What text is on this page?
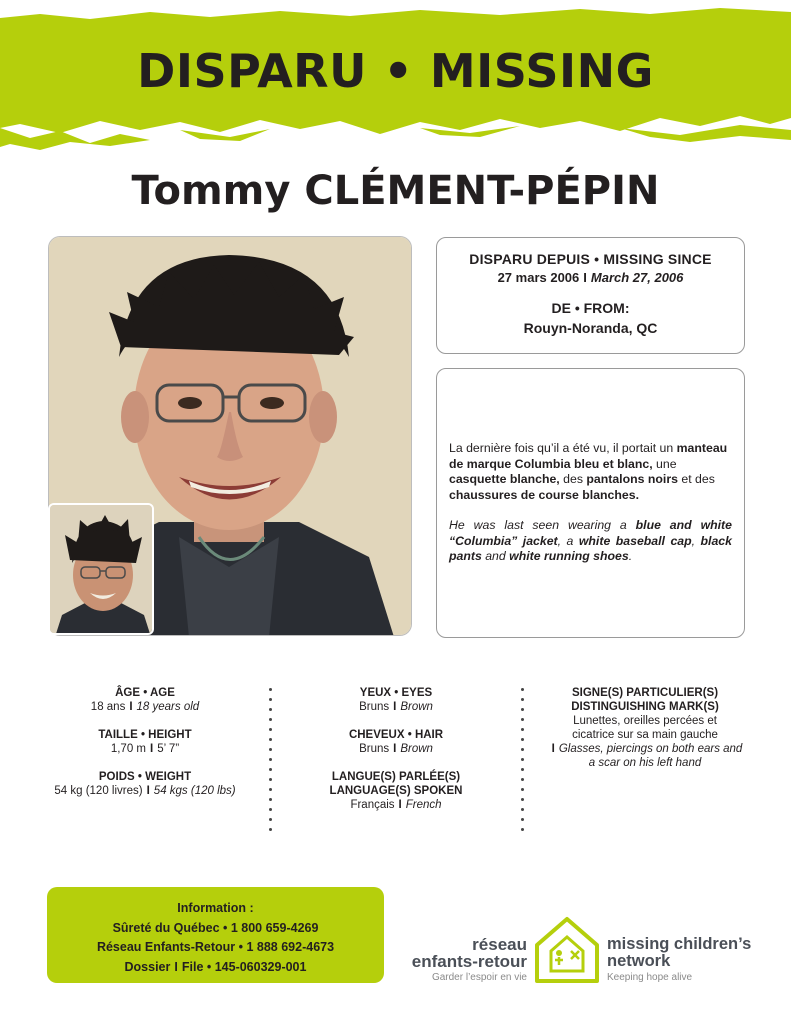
DISPARU • MISSING
Tommy CLÉMENT-PÉPIN
DISPARU DEPUIS • MISSING SINCE
27 mars 2006 I March 27, 2006
DE • FROM:
Rouyn-Noranda, QC

La dernière fois qu’il a été vu, il portait un manteau de marque Columbia bleu et blanc, une casquette blanche, des pantalons noirs et des chaussures de course blanches.

He was last seen wearing a blue and white “Columbia” jacket, a white baseball cap, black pants and white running shoes.

ÂGE • AGE
18 ans I 18 years old
TAILLE • HEIGHT
1,70 m I 5’ 7”
POIDS • WEIGHT
54 kg (120 livres) I 54 kgs (120 lbs)
YEUX • EYES
Bruns I Brown
CHEVEUX • HAIR
Bruns I Brown
LANGUE(S) PARLÉE(S)
LANGUAGE(S) SPOKEN
Français I French
SIGNE(S) PARTICULIER(S)
DISTINGUISHING MARK(S)
Lunettes, oreilles percées et
cicatrice sur sa main gauche
I Glasses, piercings on both ears and
a scar on his left hand
Information :
Sûreté du Québec • 1 800 659-4269
Réseau Enfants-Retour • 1 888 692-4673
Dossier I File • 145-060329-001
réseau
enfants-retour
Garder l’espoir en vie
missing children’s
network
Keeping hope alive
